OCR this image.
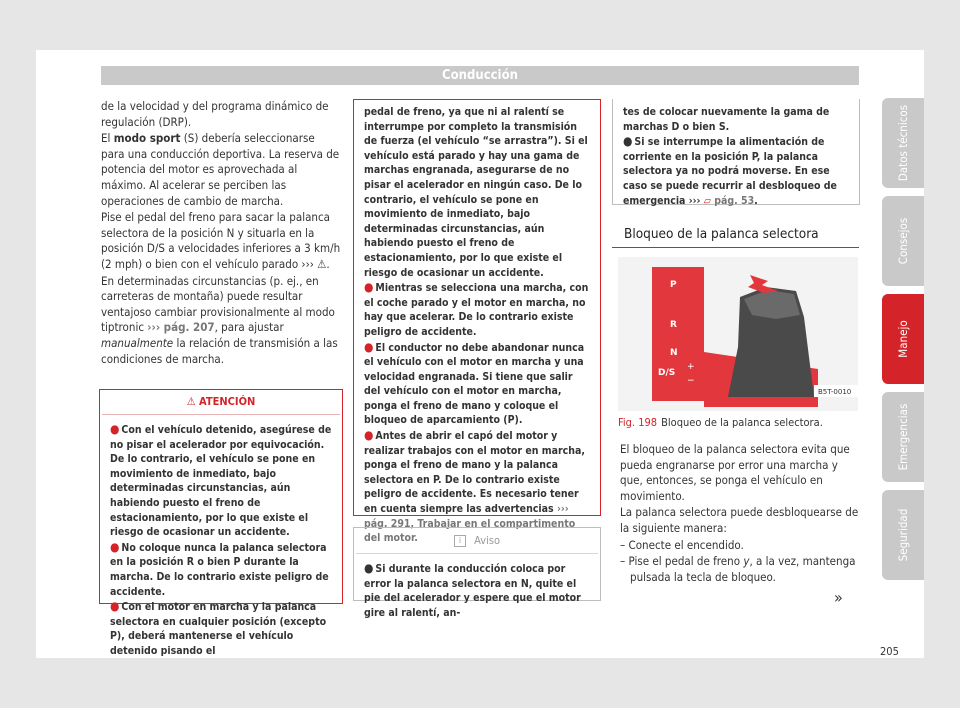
Conducción

de la velocidad y del programa dinámico de regulación (DRP).

El modo sport (S) debería seleccionarse para una conducción deportiva. La reserva de potencia del motor es aprovechada al máximo. Al acelerar se perciben las operaciones de cambio de marcha.

Pise el pedal del freno para sacar la palanca selectora de la posición N y situarla en la posición D/S a velocidades inferiores a 3 km/h (2 mph) o bien con el vehículo parado ››› ⚠.

En determinadas circunstancias (p. ej., en carreteras de montaña) puede resultar ventajoso cambiar provisionalmente al modo tiptronic ››› pág. 207, para ajustar manualmente la relación de transmisión a las condiciones de marcha.

⚠ ATENCIÓN
● Con el vehículo detenido, asegúrese de no pisar el acelerador por equivocación. De lo contrario, el vehículo se pone en movimiento de inmediato, bajo determinadas circunstancias, aún habiendo puesto el freno de estacionamiento, por lo que existe el riesgo de ocasionar un accidente.
● No coloque nunca la palanca selectora en la posición R o bien P durante la marcha. De lo contrario existe peligro de accidente.
● Con el motor en marcha y la palanca selectora en cualquier posición (excepto P), deberá mantenerse el vehículo detenido pisando el
pedal de freno, ya que ni al ralentí se interrumpe por completo la transmisión de fuerza (el vehículo “se arrastra”). Si el vehículo está parado y hay una gama de marchas engranada, asegurarse de no pisar el acelerador en ningún caso. De lo contrario, el vehículo se pone en movimiento de inmediato, bajo determinadas circunstancias, aún habiendo puesto el freno de estacionamiento, por lo que existe el riesgo de ocasionar un accidente.
● Mientras se selecciona una marcha, con el coche parado y el motor en marcha, no hay que acelerar. De lo contrario existe peligro de accidente.
● El conductor no debe abandonar nunca el vehículo con el motor en marcha y una velocidad engranada. Si tiene que salir del vehículo con el motor en marcha, ponga el freno de mano y coloque el bloqueo de aparcamiento (P).
● Antes de abrir el capó del motor y realizar trabajos con el motor en marcha, ponga el freno de mano y la palanca selectora en P. De lo contrario existe peligro de accidente. Es necesario tener en cuenta siempre las advertencias ››› pág. 291, Trabajar en el compartimento del motor.	i Aviso
● Si durante la conducción coloca por error la palanca selectora en N, quite el pie del acelerador y espere que el motor gire al ralentí, an-
tes de colocar nuevamente la gama de marchas D o bien S.
● Si se interrumpe la alimentación de corriente en la posición P, la palanca selectora ya no podrá moverse. En ese caso se puede recurrir al desbloqueo de emergencia ››› ▱ pág. 53.
Bloqueo de la palanca selectora
P
R
N
D/S
+
−
B5T-0010
Fig. 198 Bloqueo de la palanca selectora.

El bloqueo de la palanca selectora evita que pueda engranarse por error una marcha y que, entonces, se ponga el vehículo en movimiento.

La palanca selectora puede desbloquearse de la siguiente manera:

– Conecte el encendido.

– Pise el pedal de freno y, a la vez, mantenga pulsada la tecla de bloqueo.

»
Datos técnicos
Consejos
Manejo
Emergencias
Seguridad
205
